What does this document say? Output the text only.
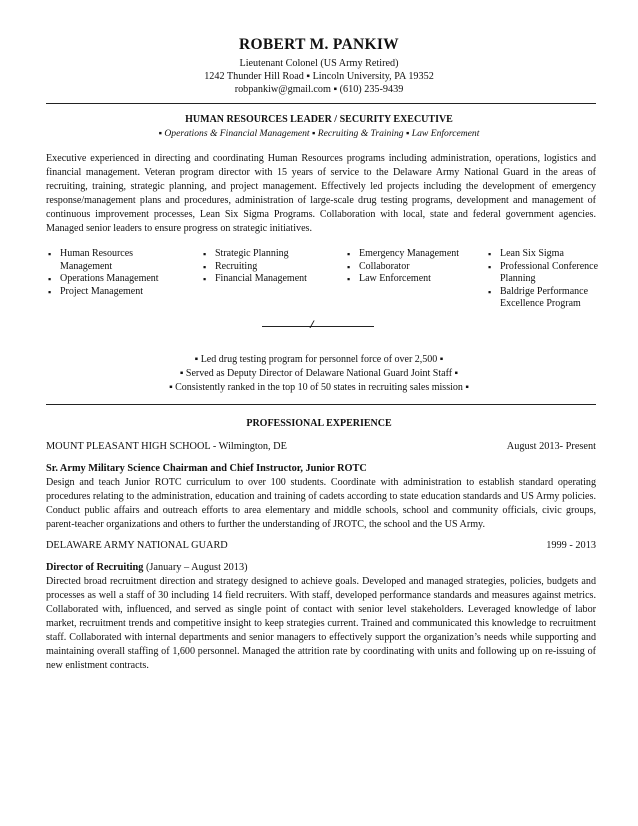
ROBERT M. PANKIW
Lieutenant Colonel (US Army Retired)
1242 Thunder Hill Road ▪ Lincoln University, PA 19352
robpankiw@gmail.com ▪ (610) 235-9439
HUMAN RESOURCES LEADER / SECURITY EXECUTIVE
▪ Operations & Financial Management ▪ Recruiting & Training ▪ Law Enforcement

Executive experienced in directing and coordinating Human Resources programs including administration, operations, logistics and financial management. Veteran program director with 15 years of service to the Delaware Army National Guard in the areas of recruiting, training, strategic planning, and project management. Effectively led projects including the development of emergency response/management plans and procedures, administration of large-scale drug testing programs, development and management of continuous improvement processes, Lean Six Sigma Programs. Collaboration with local, state and federal government agencies. Managed senior leaders to ensure progress on strategic initiatives.

▪ Human Resources Management
▪ Operations Management
▪ Project Management
▪ Strategic Planning
▪ Recruiting
▪ Financial Management
▪ Emergency Management
▪ Collaborator
▪ Law Enforcement
▪ Lean Six Sigma
▪ Professional Conference Planning
▪ Baldrige Performance Excellence Program
//
▪ Led drug testing program for personnel force of over 2,500 ▪
▪ Served as Deputy Director of Delaware National Guard Joint Staff ▪
▪ Consistently ranked in the top 10 of 50 states in recruiting sales mission ▪
PROFESSIONAL EXPERIENCE
MOUNT PLEASANT HIGH SCHOOL - Wilmington, DE	August 2013- Present
Sr. Army Military Science Chairman and Chief Instructor, Junior ROTC

Design and teach Junior ROTC curriculum to over 100 students. Coordinate with administration to establish standard operating procedures relating to the administration, education and training of cadets according to state education standards and US Army policies. Conduct public affairs and outreach efforts to area elementary and middle schools, school and community officials, civic groups, parent-teacher organizations and others to further the understanding of JROTC, the school and the US Army.

DELAWARE ARMY NATIONAL GUARD	1999 - 2013
Director of Recruiting (January – August 2013)

Directed broad recruitment direction and strategy designed to achieve goals. Developed and managed strategies, policies, budgets and processes as well a staff of 30 including 14 field recruiters. With staff, developed performance standards and measures against metrics. Collaborated with, influenced, and served as single point of contact with senior level stakeholders. Leveraged knowledge of labor market, recruitment trends and competitive insight to keep strategies current. Trained and communicated this knowledge to recruitment staff. Collaborated with internal departments and senior managers to effectively support the organization’s needs while supporting and maintaining overall staffing of 1,600 personnel. Managed the attrition rate by coordinating with units and following up on re-issuing of new enlistment contracts.
